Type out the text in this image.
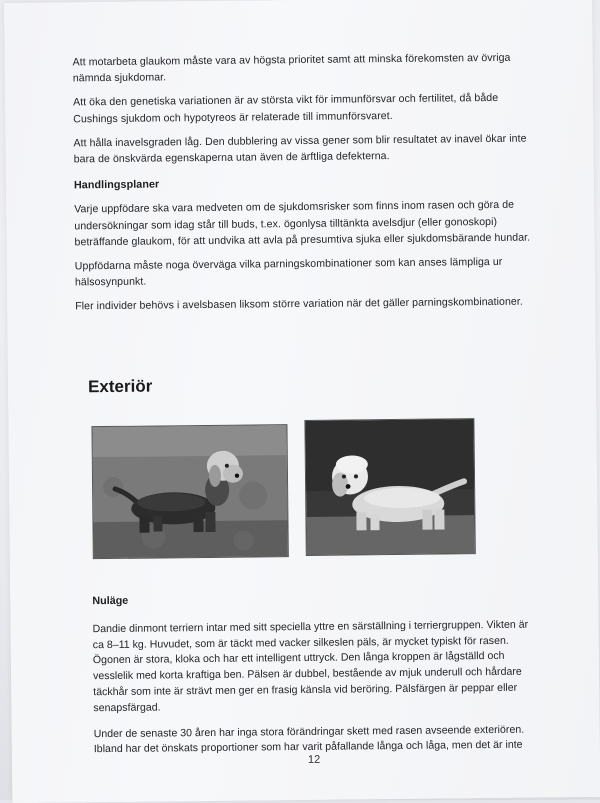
Att motarbeta glaukom måste vara av högsta prioritet samt att minska förekomsten av övriga nämnda sjukdomar.

Att öka den genetiska variationen är av största vikt för immunförsvar och fertilitet, då både Cushings sjukdom och hypotyreos är relaterade till immunförsvaret.

Att hålla inavelsgraden låg. Den dubblering av vissa gener som blir resultatet av inavel ökar inte bara de önskvärda egenskaperna utan även de ärftliga defekterna.

Handlingsplaner

Varje uppfödare ska vara medveten om de sjukdomsrisker som finns inom rasen och göra de undersökningar som idag står till buds, t.ex. ögonlysa tilltänkta avelsdjur (eller gonoskopi) beträffande glaukom, för att undvika att avla på presumtiva sjuka eller sjukdomsbärande hundar.

Uppfödarna måste noga överväga vilka parningskombinationer som kan anses lämpliga ur hälsosynpunkt.

Fler individer behövs i avelsbasen liksom större variation när det gäller parningskombinationer.

Exteriör
Nuläge

Dandie dinmont terriern intar med sitt speciella yttre en särställning i terriergruppen. Vikten är ca 8–11 kg. Huvudet, som är täckt med vacker silkeslen päls, är mycket typiskt för rasen. Ögonen är stora, kloka och har ett intelligent uttryck. Den långa kroppen är lågställd och vesslelik med korta kraftiga ben. Pälsen är dubbel, bestående av mjuk underull och hårdare täckhår som inte är strävt men ger en frasig känsla vid beröring. Pälsfärgen är peppar eller senapsfärgad.

Under de senaste 30 åren har inga stora förändringar skett med rasen avseende exteriören. Ibland har det önskats proportioner som har varit påfallande långa och låga, men det är inte

12
